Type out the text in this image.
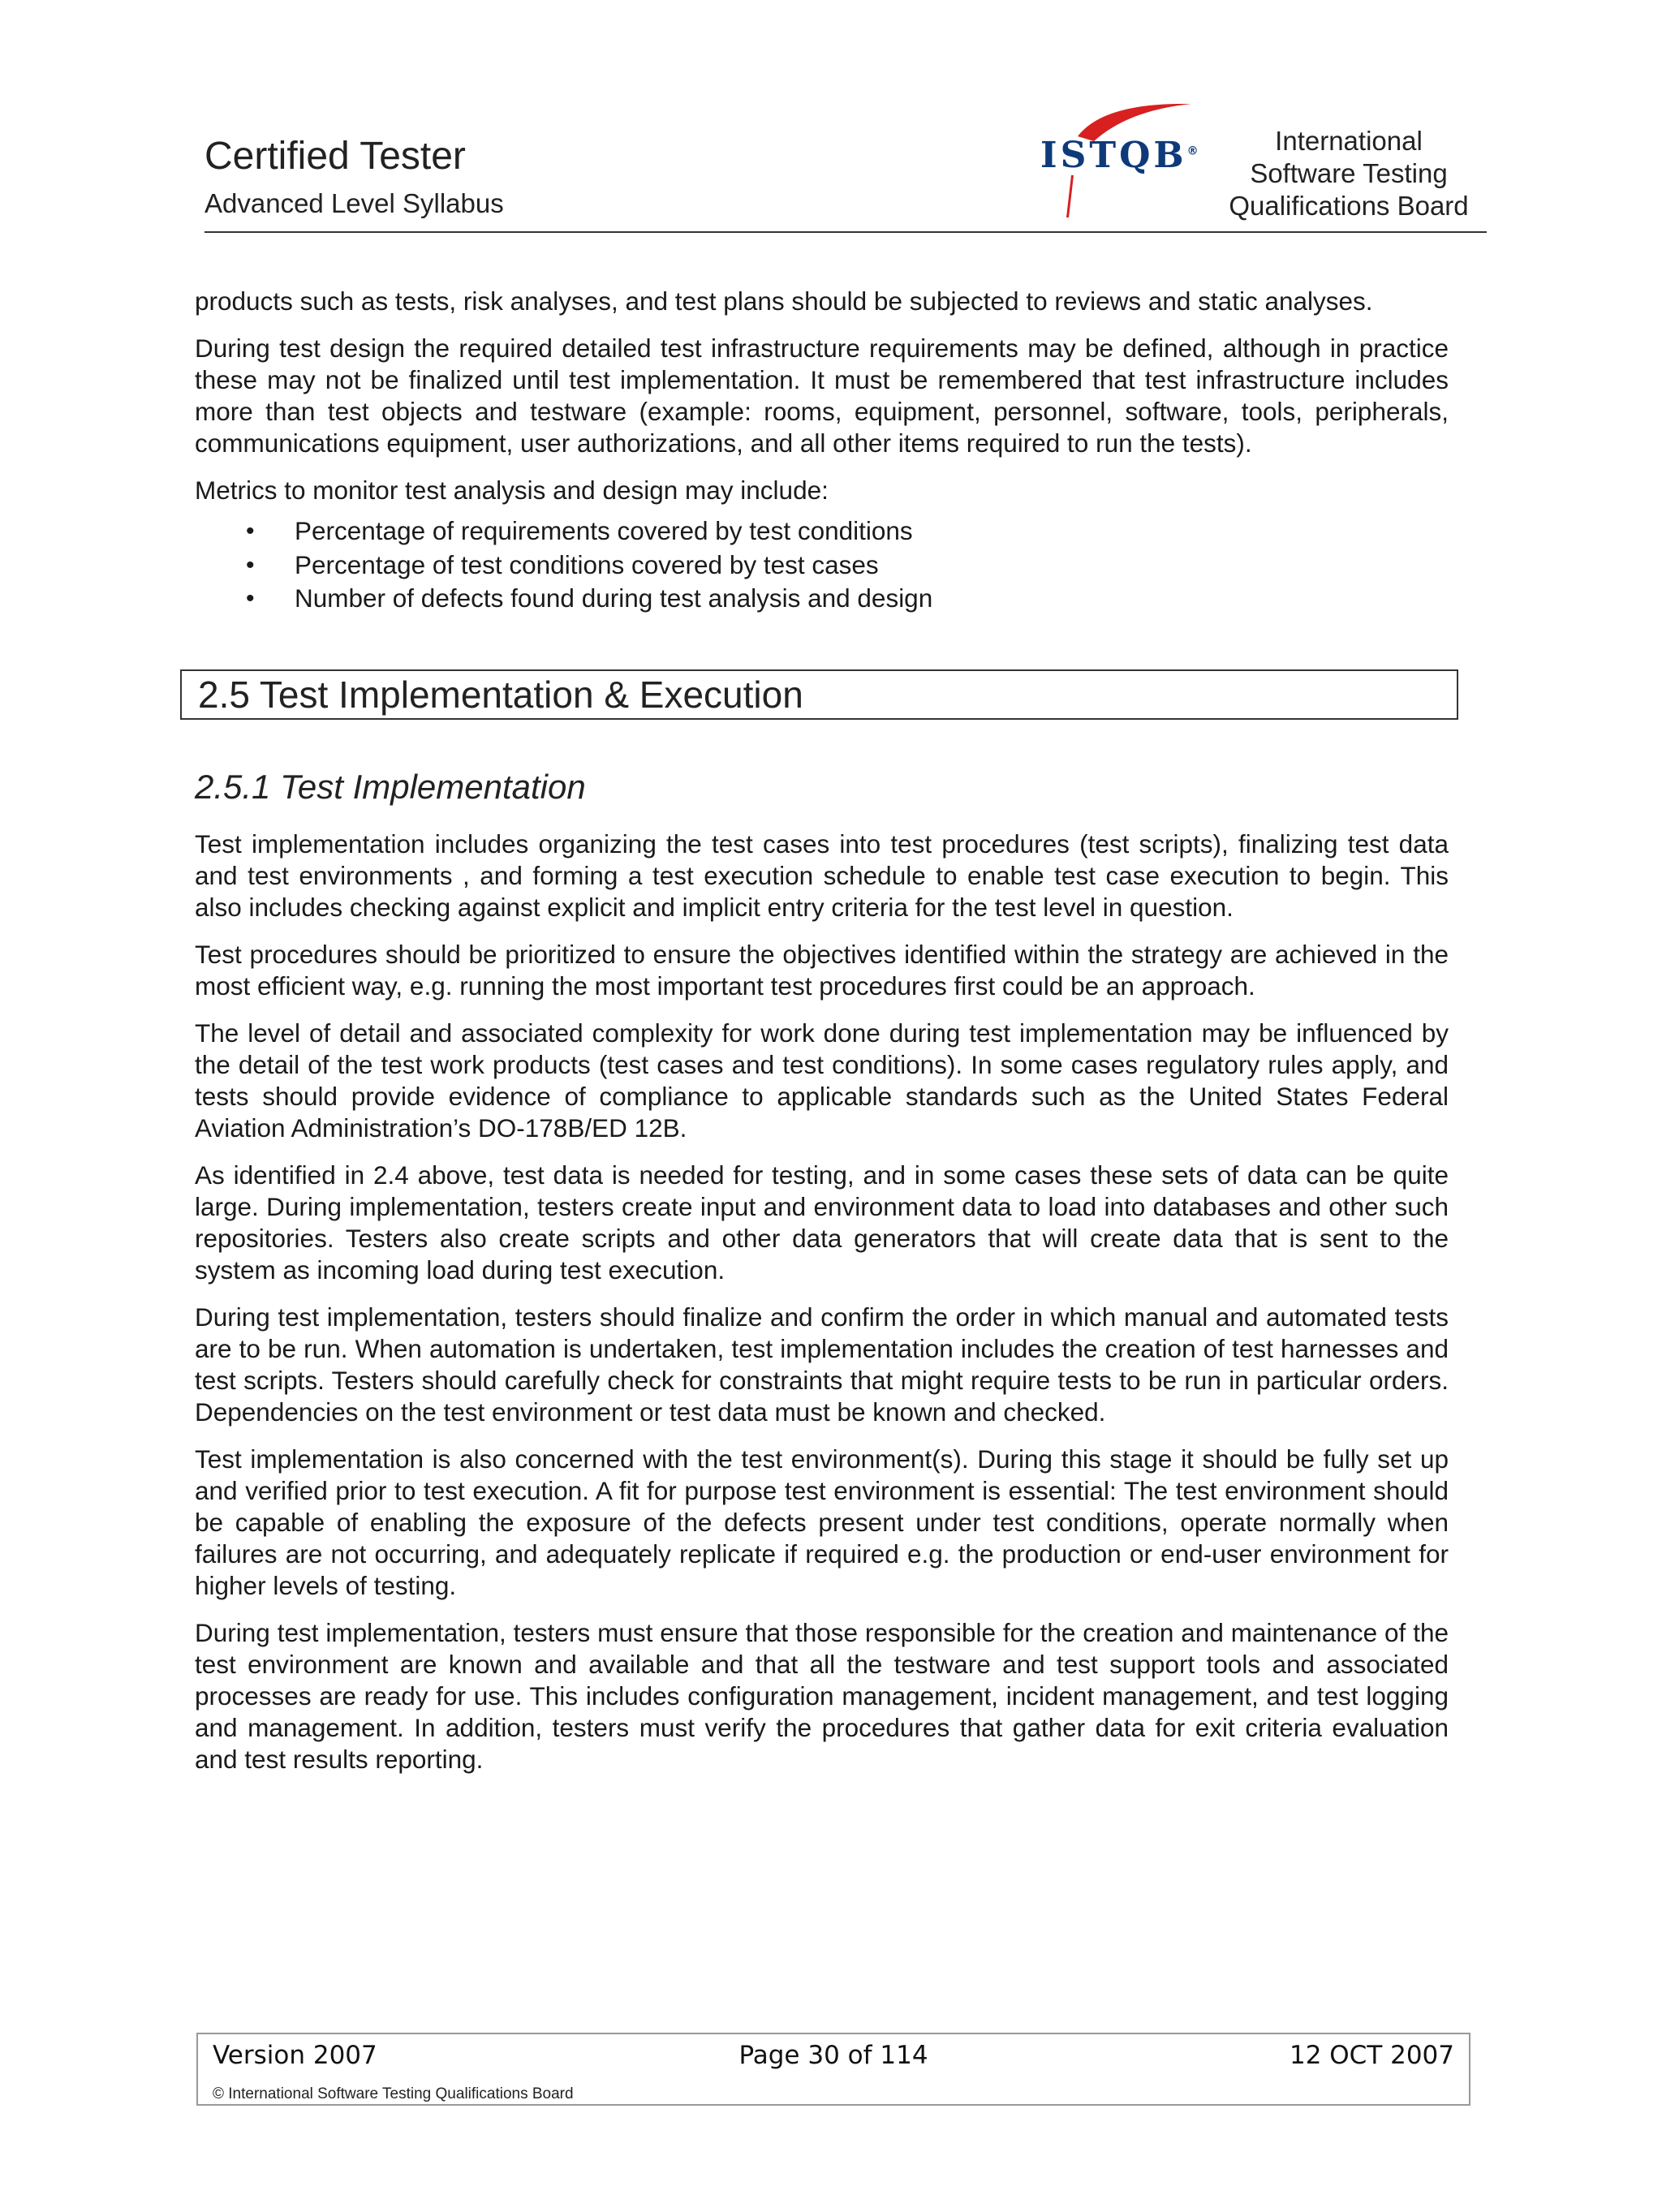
Certified Tester
Advanced Level Syllabus
ISTQB®	International
Software Testing
Qualifications Board

products such as tests, risk analyses, and test plans should be subjected to reviews and static analyses.

During test design the required detailed test infrastructure requirements may be defined, although in practice these may not be finalized until test implementation. It must be remembered that test infrastructure includes more than test objects and testware (example: rooms, equipment, personnel, software, tools, peripherals, communications equipment, user authorizations, and all other items required to run the tests).

Metrics to monitor test analysis and design may include:

• Percentage of requirements covered by test conditions
• Percentage of test conditions covered by test cases
• Number of defects found during test analysis and design
2.5 Test Implementation & Execution
2.5.1 Test Implementation

Test implementation includes organizing the test cases into test procedures (test scripts), finalizing test data and test environments , and forming a test execution schedule to enable test case execution to begin. This also includes checking against explicit and implicit entry criteria for the test level in question.

Test procedures should be prioritized to ensure the objectives identified within the strategy are achieved in the most efficient way, e.g. running the most important test procedures first could be an approach.

The level of detail and associated complexity for work done during test implementation may be influenced by the detail of the test work products (test cases and test conditions). In some cases regulatory rules apply, and tests should provide evidence of compliance to applicable standards such as the United States Federal Aviation Administration’s DO-178B/ED 12B.

As identified in 2.4 above, test data is needed for testing, and in some cases these sets of data can be quite large. During implementation, testers create input and environment data to load into databases and other such repositories. Testers also create scripts and other data generators that will create data that is sent to the system as incoming load during test execution.

During test implementation, testers should finalize and confirm the order in which manual and automated tests are to be run. When automation is undertaken, test implementation includes the creation of test harnesses and test scripts. Testers should carefully check for constraints that might require tests to be run in particular orders. Dependencies on the test environment or test data must be known and checked.

Test implementation is also concerned with the test environment(s). During this stage it should be fully set up and verified prior to test execution. A fit for purpose test environment is essential: The test environment should be capable of enabling the exposure of the defects present under test conditions, operate normally when failures are not occurring, and adequately replicate if required e.g. the production or end-user environment for higher levels of testing.

During test implementation, testers must ensure that those responsible for the creation and maintenance of the test environment are known and available and that all the testware and test support tools and associated processes are ready for use. This includes configuration management, incident management, and test logging and management. In addition, testers must verify the procedures that gather data for exit criteria evaluation and test results reporting.

Version 2007	Page 30 of 114	12 OCT 2007
© International Software Testing Qualifications Board
